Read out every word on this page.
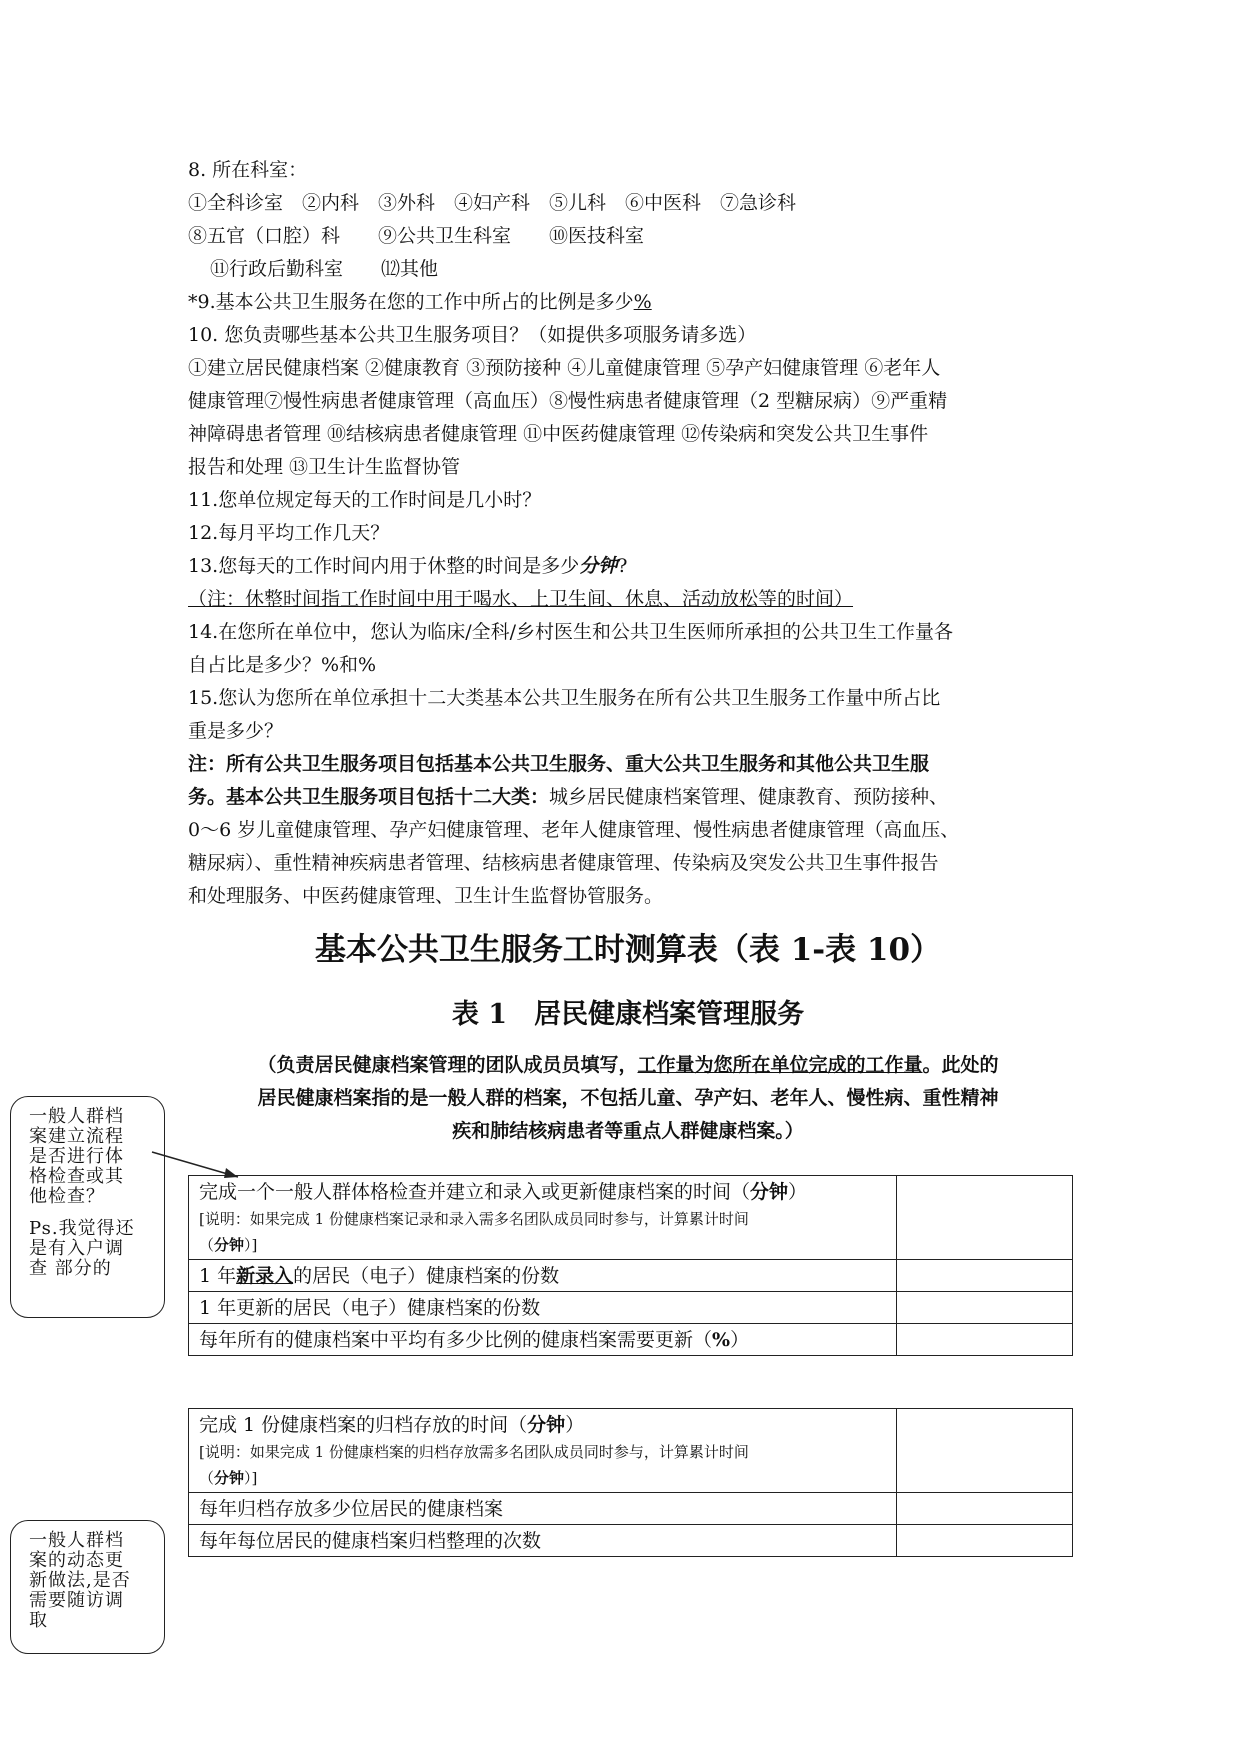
8. 所在科室：
①全科诊室　②内科　③外科　④妇产科　⑤儿科　⑥中医科　⑦急诊科
⑧五官（口腔）科　　⑨公共卫生科室　　⑩医技科室
⑪行政后勤科室　　⑿其他
*9.基本公共卫生服务在您的工作中所占的比例是多少%
10. 您负责哪些基本公共卫生服务项目？（如提供多项服务请多选）
①建立居民健康档案 ②健康教育 ③预防接种 ④儿童健康管理 ⑤孕产妇健康管理 ⑥老年人
健康管理⑦慢性病患者健康管理（高血压）⑧慢性病患者健康管理（2 型糖尿病）⑨严重精
神障碍患者管理 ⑩结核病患者健康管理 ⑪中医药健康管理 ⑫传染病和突发公共卫生事件
报告和处理 ⑬卫生计生监督协管
11.您单位规定每天的工作时间是几小时？
12.每月平均工作几天？
13.您每天的工作时间内用于休整的时间是多少分钟?
（注：休整时间指工作时间中用于喝水、上卫生间、休息、活动放松等的时间）
14.在您所在单位中，您认为临床/全科/乡村医生和公共卫生医师所承担的公共卫生工作量各
自占比是多少？%和%
15.您认为您所在单位承担十二大类基本公共卫生服务在所有公共卫生服务工作量中所占比
重是多少？
注：所有公共卫生服务项目包括基本公共卫生服务、重大公共卫生服务和其他公共卫生服
务。基本公共卫生服务项目包括十二大类：城乡居民健康档案管理、健康教育、预防接种、
0～6 岁儿童健康管理、孕产妇健康管理、老年人健康管理、慢性病患者健康管理（高血压、
糖尿病）、重性精神疾病患者管理、结核病患者健康管理、传染病及突发公共卫生事件报告
和处理服务、中医药健康管理、卫生计生监督协管服务。
基本公共卫生服务工时测算表（表 1-表 10）
表 1　居民健康档案管理服务
（负责居民健康档案管理的团队成员员填写，工作量为您所在单位完成的工作量。此处的
居民健康档案指的是一般人群的档案，不包括儿童、孕产妇、老年人、慢性病、重性精神
疾和肺结核病患者等重点人群健康档案。）
完成一个一般人群体格检查并建立和录入或更新健康档案的时间（分钟）
[说明：如果完成 1 份健康档案记录和录入需多名团队成员同时参与，计算累计时间
（分钟）]	

1 年新录入的居民（电子）健康档案的份数	
1 年更新的居民（电子）健康档案的份数	
每年所有的健康档案中平均有多少比例的健康档案需要更新（%）	
完成 1 份健康档案的归档存放的时间（分钟）
[说明：如果完成 1 份健康档案的归档存放需多名团队成员同时参与，计算累计时间
（分钟）]	

每年归档存放多少位居民的健康档案	
每年每位居民的健康档案归档整理的次数	
一般人群档
案建立流程
是否进行体
格检查或其
他检查？
Ps.我觉得还
是有入户调
查 部分的
一般人群档
案的动态更
新做法,是否
需要随访调
取
